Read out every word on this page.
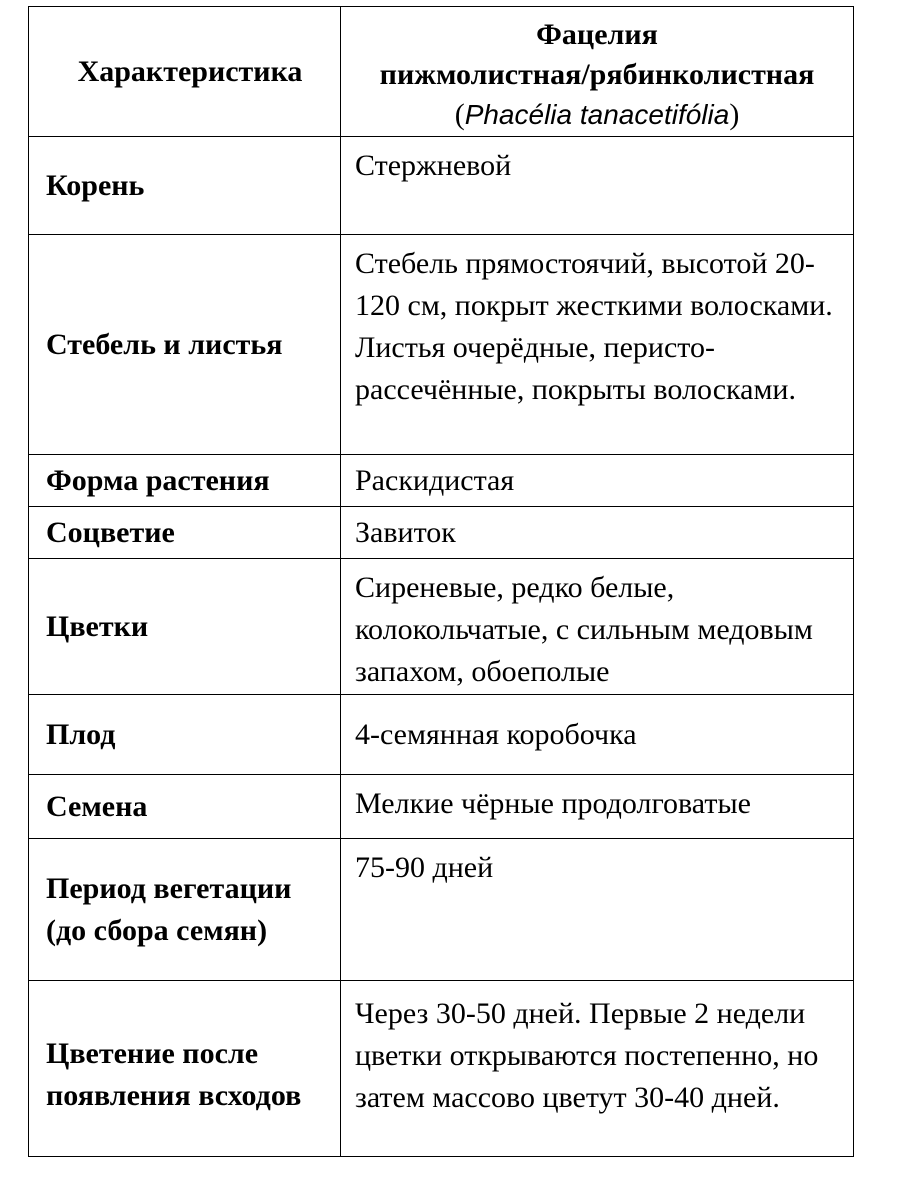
Характеристика	Фацелия
пижмолистная/рябинколистная
(Phacélia tanacetifólia)

Корень	Стержневой
Стебель и листья	Стебель прямостоячий, высотой 20-120 см, покрыт жесткими волосками. Листья очерёдные, перисто-рассечённые, покрыты волосками.
Форма растения	Раскидистая
Соцветие	Завиток
Цветки	Сиреневые, редко белые, колокольчатые, с сильным медовым запахом, обоеполые
Плод	4-семянная коробочка
Семена	Мелкие чёрные продолговатые
Период вегетации (до сбора семян)	75-90 дней
Цветение после появления всходов	Через 30-50 дней. Первые 2 недели цветки открываются постепенно, но затем массово цветут 30-40 дней.
